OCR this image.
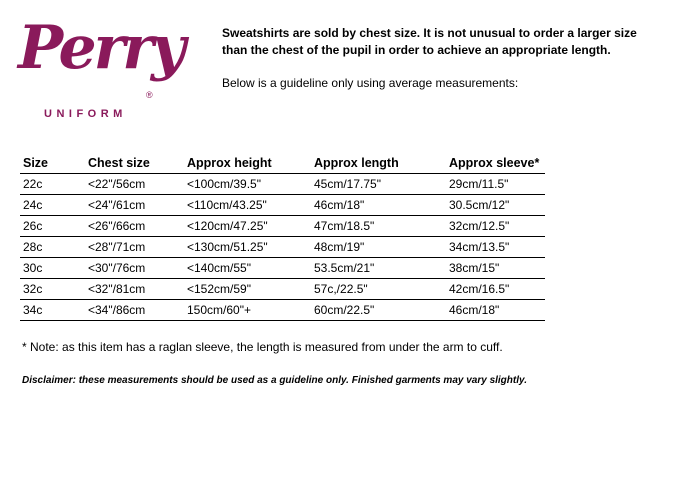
Perry
®
UNIFORM
Sweatshirts are sold by chest size. It is not unusual to order a larger size
than the chest of the pupil in order to achieve an appropriate length.
Below is a guideline only using average measurements:
Size	Chest size	Approx height	Approx length	Approx sleeve*
22c	<22"/56cm	<100cm/39.5"	45cm/17.75"	29cm/11.5"
24c	<24"/61cm	<110cm/43.25"	46cm/18"	30.5cm/12"
26c	<26"/66cm	<120cm/47.25"	47cm/18.5"	32cm/12.5"
28c	<28"/71cm	<130cm/51.25"	48cm/19"	34cm/13.5"
30c	<30"/76cm	<140cm/55"	53.5cm/21"	38cm/15"
32c	<32"/81cm	<152cm/59"	57c,/22.5"	42cm/16.5"
34c	<34"/86cm	150cm/60"+	60cm/22.5"	46cm/18"
* Note: as this item has a raglan sleeve, the length is measured from under the arm to cuff.
Disclaimer: these measurements should be used as a guideline only. Finished garments may vary slightly.
